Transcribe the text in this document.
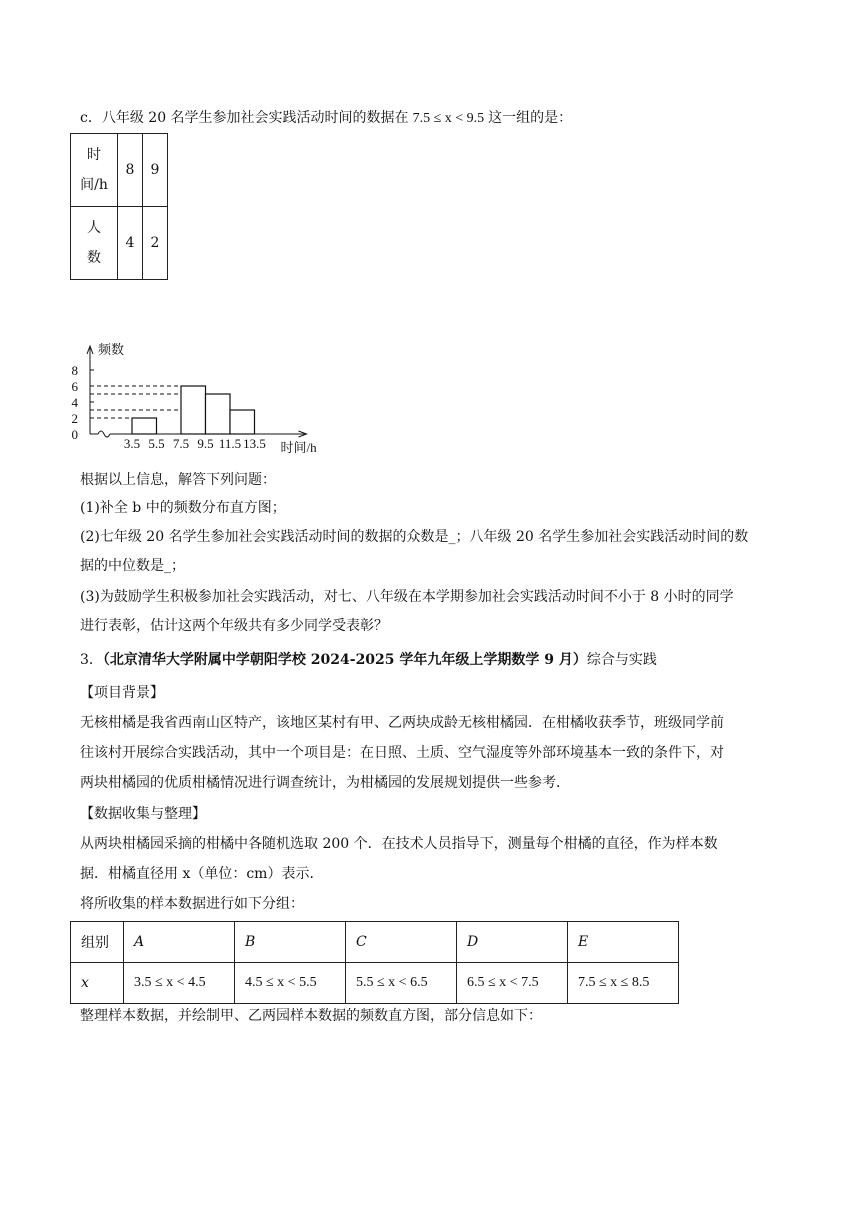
c．八年级 20 名学生参加社会实践活动时间的数据在 7.5 ≤ x < 9.5 这一组的是：
时
间/h	8	9

人
数	4	2
0
2
4
6
8
3.5 5.5 7.5 9.5 11.5 13.5
频数
时间/h
根据以上信息，解答下列问题：
(1)补全 b 中的频数分布直方图；
(2)七年级 20 名学生参加社会实践活动时间的数据的众数是_；八年级 20 名学生参加社会实践活动时间的数
据的中位数是_；
(3)为鼓励学生积极参加社会实践活动，对七、八年级在本学期参加社会实践活动时间不小于 8 小时的同学
进行表彰，估计这两个年级共有多少同学受表彰？
3．（北京清华大学附属中学朝阳学校 2024-2025 学年九年级上学期数学 9 月）综合与实践
【项目背景】
无核柑橘是我省西南山区特产，该地区某村有甲、乙两块成龄无核柑橘园．在柑橘收获季节，班级同学前
往该村开展综合实践活动，其中一个项目是：在日照、土质、空气湿度等外部环境基本一致的条件下，对
两块柑橘园的优质柑橘情况进行调查统计，为柑橘园的发展规划提供一些参考．
【数据收集与整理】
从两块柑橘园采摘的柑橘中各随机选取 200 个．在技术人员指导下，测量每个柑橘的直径，作为样本数
据．柑橘直径用 x（单位：cm）表示．
将所收集的样本数据进行如下分组：
组别	A	B	C	D	E
x	3.5 ≤ x < 4.5	4.5 ≤ x < 5.5	5.5 ≤ x < 6.5	6.5 ≤ x < 7.5	7.5 ≤ x ≤ 8.5
整理样本数据，并绘制甲、乙两园样本数据的频数直方图，部分信息如下：
